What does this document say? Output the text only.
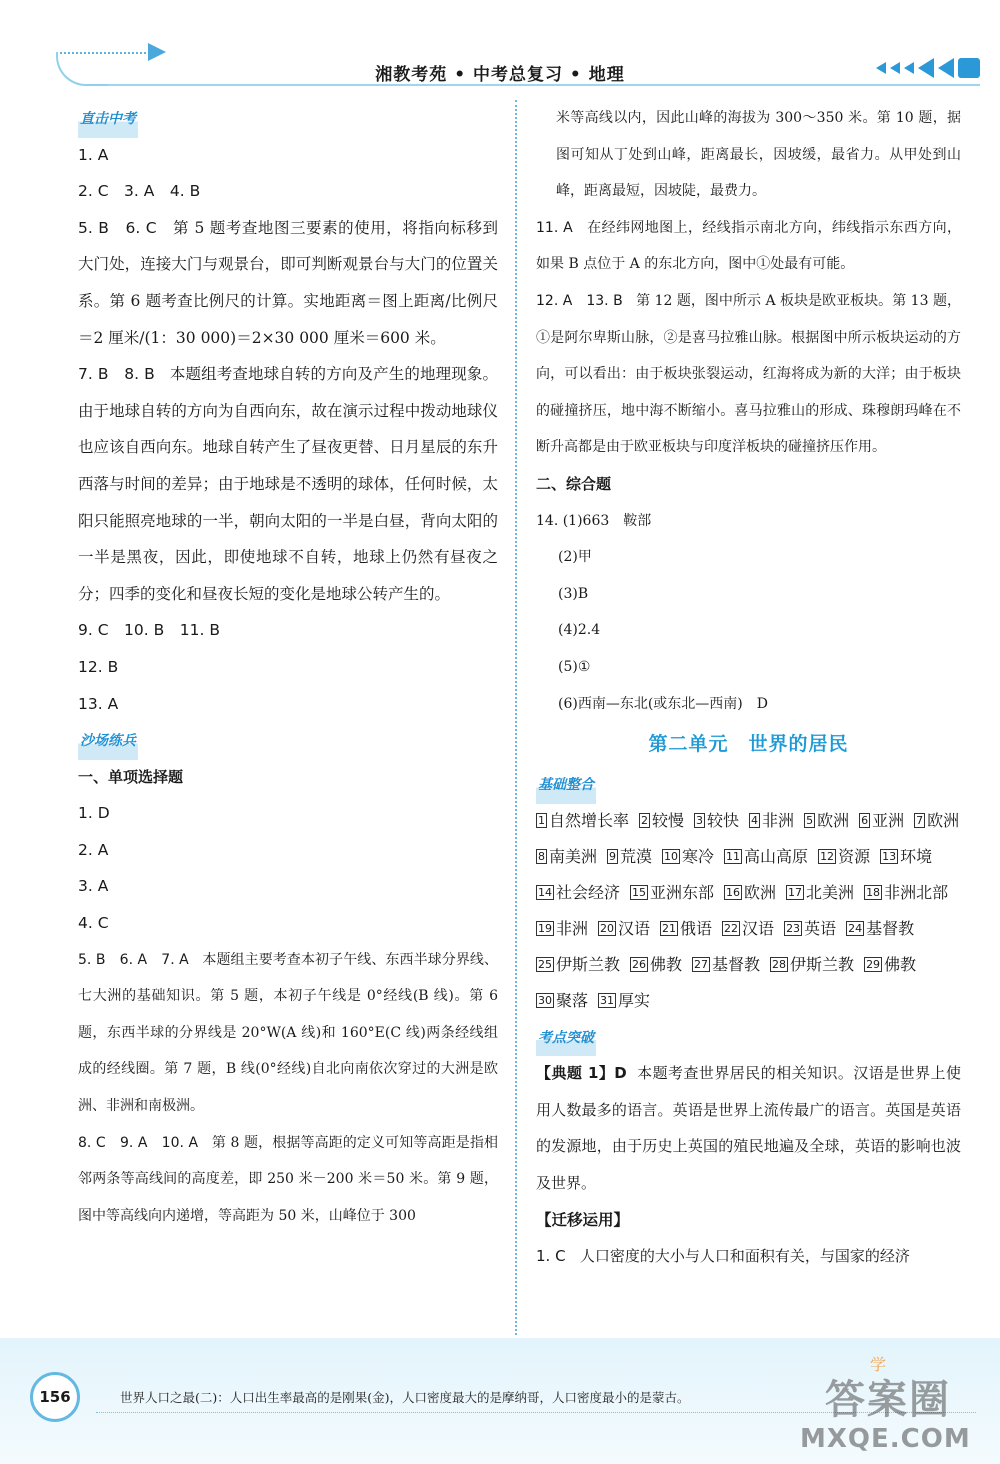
湘教考苑 • 中考总复习 • 地理
直击中考
1. A
2. C　3. A　4. B
5. B　6. C 第 5 题考查地图三要素的使用，将指向标移到大门处，连接大门与观景台，即可判断观景台与大门的位置关系。第 6 题考查比例尺的计算。实地距离＝图上距离/比例尺＝2 厘米/(1：30 000)＝2×30 000 厘米＝600 米。
7. B　8. B 本题组考查地球自转的方向及产生的地理现象。由于地球自转的方向为自西向东，故在演示过程中拨动地球仪也应该自西向东。地球自转产生了昼夜更替、日月星辰的东升西落与时间的差异；由于地球是不透明的球体，任何时候，太阳只能照亮地球的一半，朝向太阳的一半是白昼，背向太阳的一半是黑夜，因此，即使地球不自转，地球上仍然有昼夜之分；四季的变化和昼夜长短的变化是地球公转产生的。
9. C　10. B　11. B
12. B
13. A
沙场练兵
一、单项选择题
1. D
2. A
3. A
4. C
5. B　6. A　7. A 本题组主要考查本初子午线、东西半球分界线、七大洲的基础知识。第 5 题，本初子午线是 0°经线(B 线)。第 6 题，东西半球的分界线是 20°W(A 线)和 160°E(C 线)两条经线组成的经线圈。第 7 题，B 线(0°经线)自北向南依次穿过的大洲是欧洲、非洲和南极洲。
8. C　9. A　10. A 第 8 题，根据等高距的定义可知等高距是指相邻两条等高线间的高度差，即 250 米－200 米＝50 米。第 9 题，图中等高线向内递增，等高距为 50 米，山峰位于 300
米等高线以内，因此山峰的海拔为 300～350 米。第 10 题，据图可知从丁处到山峰，距离最长，因坡缓，最省力。从甲处到山峰，距离最短，因坡陡，最费力。
11. A 在经纬网地图上，经线指示南北方向，纬线指示东西方向，如果 B 点位于 A 的东北方向，图中①处最有可能。
12. A　13. B 第 12 题，图中所示 A 板块是欧亚板块。第 13 题，①是阿尔卑斯山脉，②是喜马拉雅山脉。根据图中所示板块运动的方向，可以看出：由于板块张裂运动，红海将成为新的大洋；由于板块的碰撞挤压，地中海不断缩小。喜马拉雅山的形成、珠穆朗玛峰在不断升高都是由于欧亚板块与印度洋板块的碰撞挤压作用。
二、综合题
14. (1)663　鞍部
(2)甲
(3)B
(4)2.4
(5)①
(6)西南—东北(或东北—西南)　D
第二单元　世界的居民
基础整合
1 自然增长率 2 较慢 3 较快 4 非洲 5 欧洲 6 亚洲 7 欧洲
8 南美洲 9 荒漠 10 寒冷 11 高山高原 12 资源 13 环境
14 社会经济 15 亚洲东部 16 欧洲 17 北美洲 18 非洲北部
19 非洲 20 汉语 21 俄语 22 汉语 23 英语 24 基督教
25 伊斯兰教 26 佛教 27 基督教 28 伊斯兰教 29 佛教
30 聚落 31 厚实
考点突破
【典题 1】D 本题考查世界居民的相关知识。汉语是世界上使用人数最多的语言。英语是世界上流传最广的语言。英国是英语的发源地，由于历史上英国的殖民地遍及全球，英语的影响也波及世界。
【迁移运用】
1. C 人口密度的大小与人口和面积有关，与国家的经济
156	世界人口之最(二)：人口出生率最高的是刚果(金)，人口密度最大的是摩纳哥，人口密度最小的是蒙古。
学
答案圈
MXQE.COM
